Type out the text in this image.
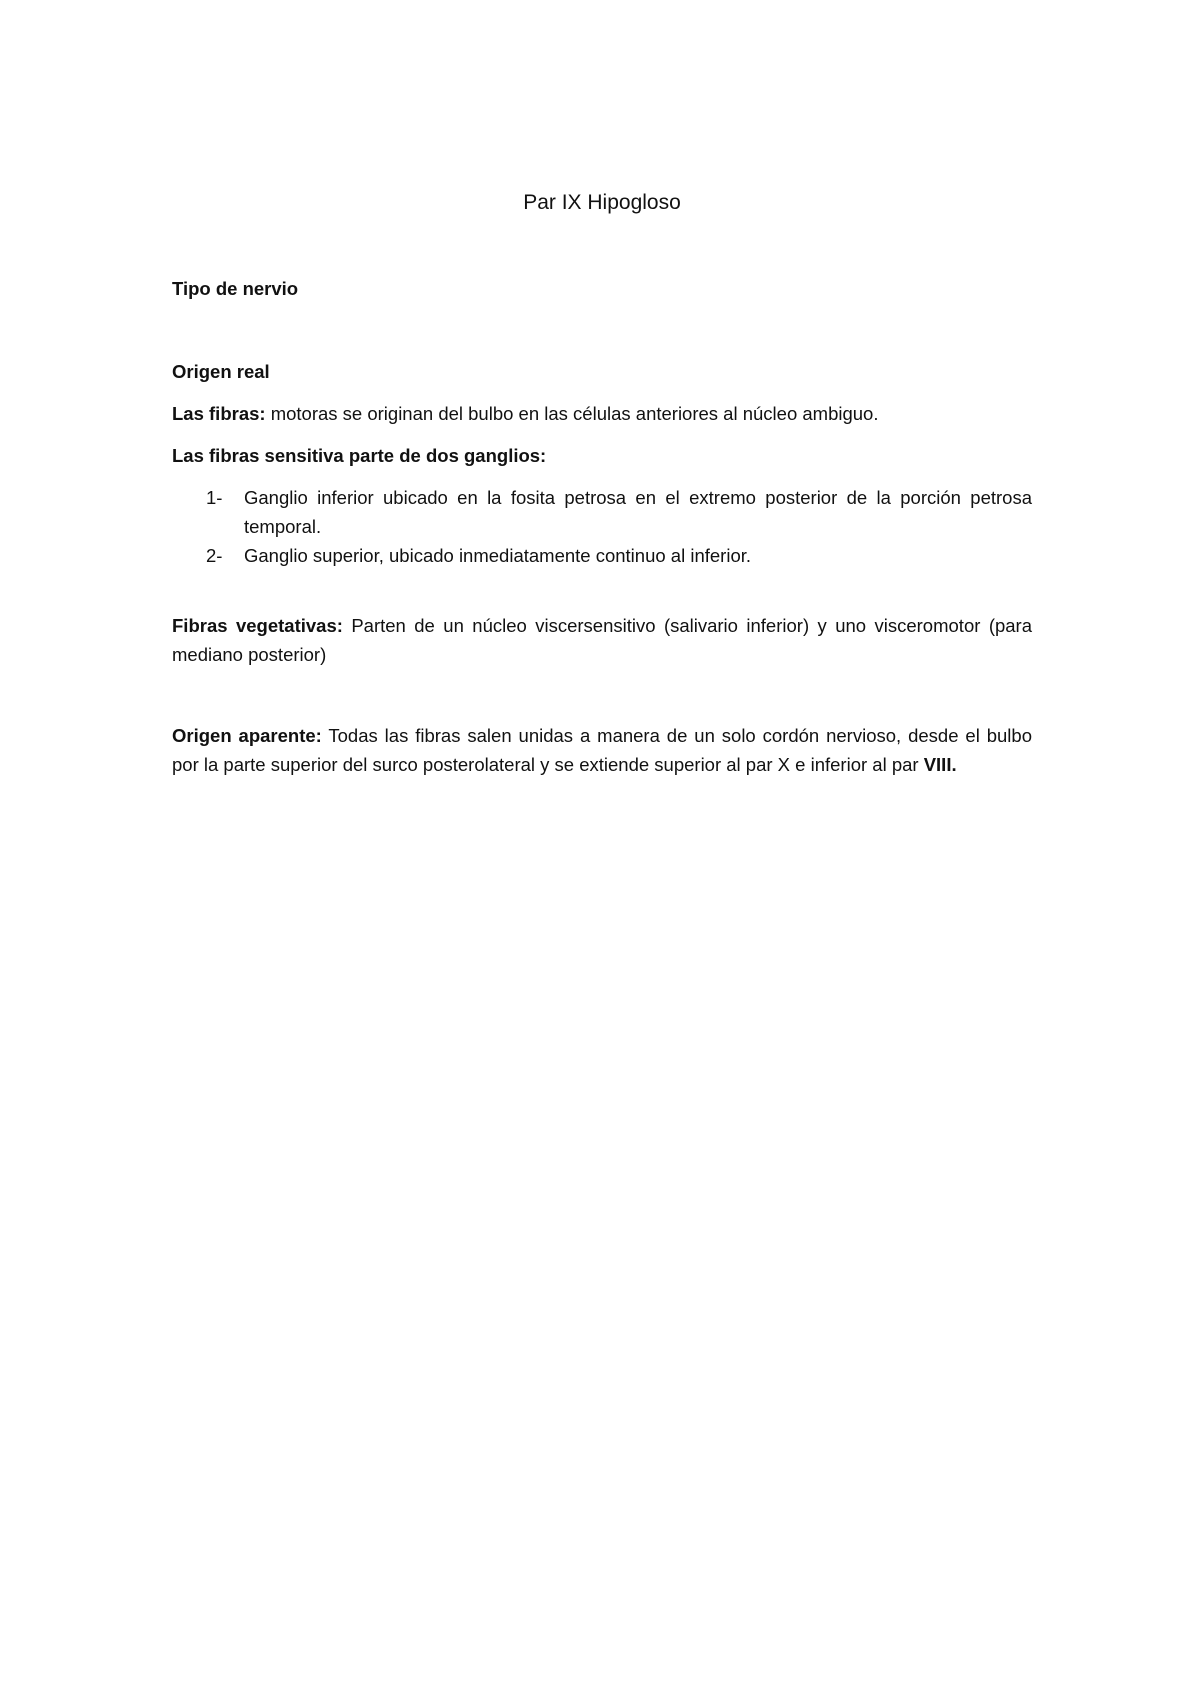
Par IX Hipogloso

Tipo de nervio

Origen real

Las fibras: motoras se originan del bulbo en las células anteriores al núcleo ambiguo.

Las fibras sensitiva parte de dos ganglios:

1-	Ganglio inferior ubicado en la fosita petrosa en el extremo posterior de la porción petrosa temporal.
2-	Ganglio superior, ubicado inmediatamente continuo al inferior.

Fibras vegetativas: Parten de un núcleo viscersensitivo (salivario inferior) y uno visceromotor (para mediano posterior)

Origen aparente: Todas las fibras salen unidas a manera de un solo cordón nervioso, desde el bulbo por la parte superior del surco posterolateral y se extiende superior al par X e inferior al par VIII.
